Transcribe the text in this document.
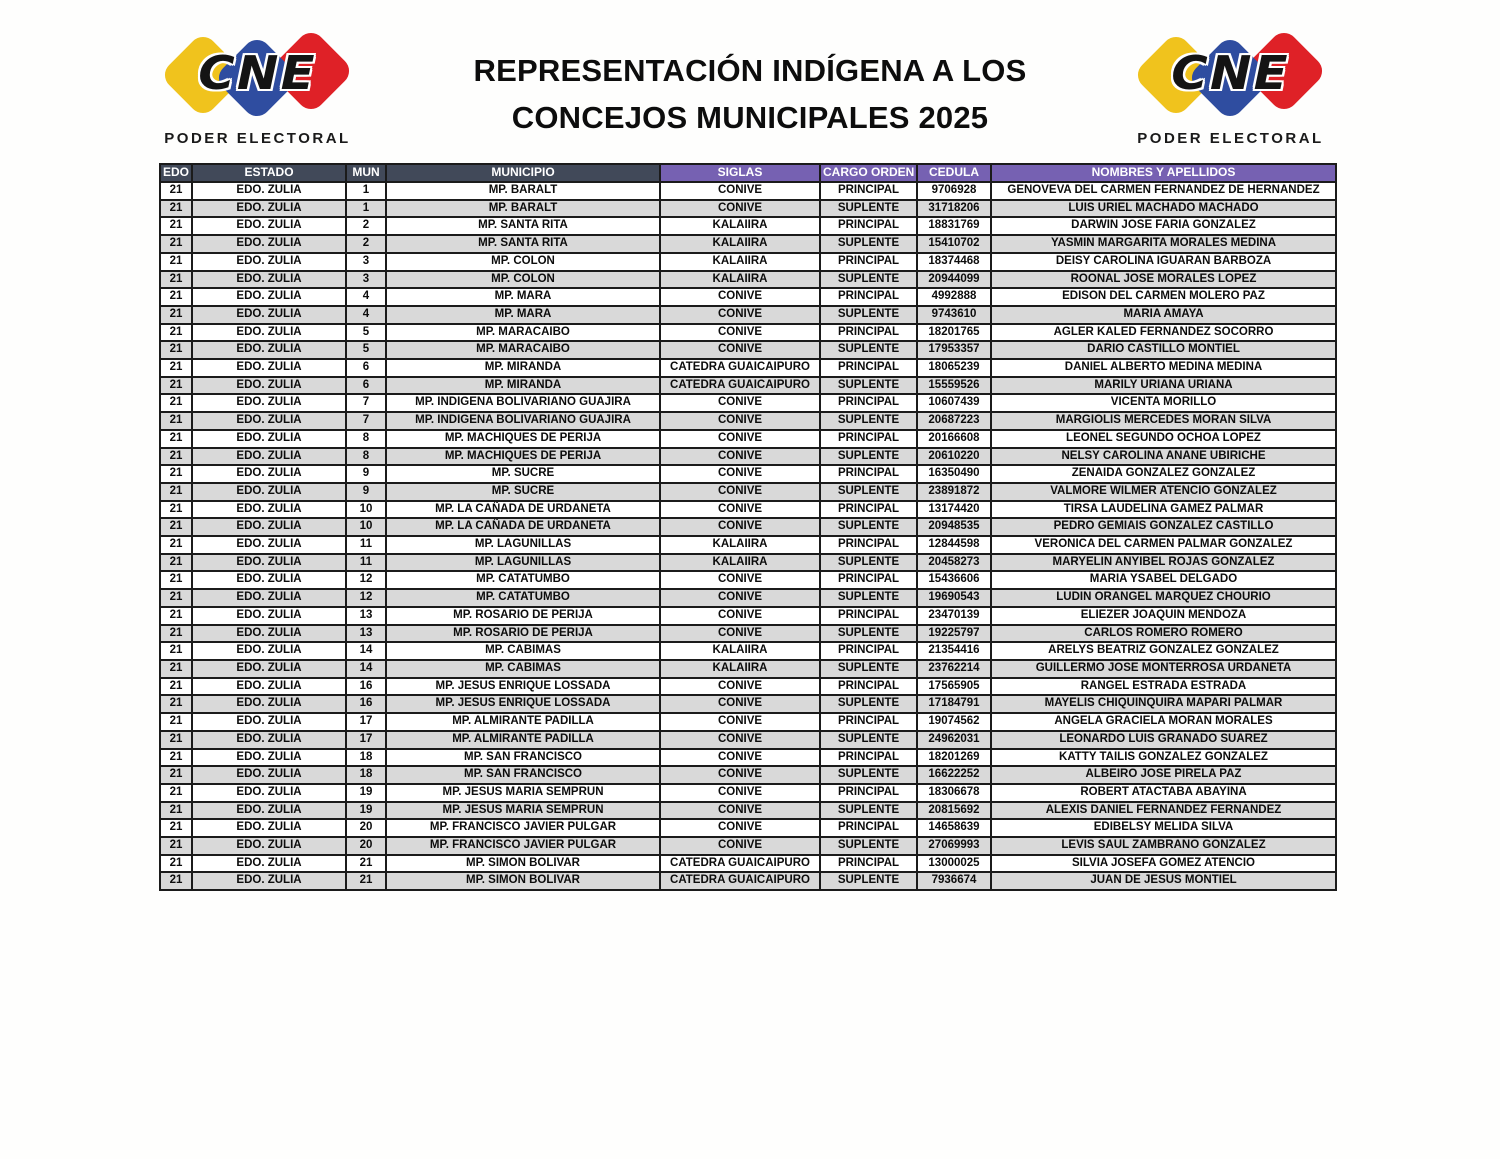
CNE
PODER ELECTORAL
REPRESENTACIÓN INDÍGENA A LOS
CONCEJOS MUNICIPALES 2025
CNE
PODER ELECTORAL
EDO	ESTADO	MUN	MUNICIPIO	SIGLAS	CARGO ORDEN	CEDULA	NOMBRES Y APELLIDOS
21	EDO. ZULIA	1	MP. BARALT	CONIVE	PRINCIPAL	9706928	GENOVEVA DEL CARMEN FERNANDEZ DE HERNANDEZ
21	EDO. ZULIA	1	MP. BARALT	CONIVE	SUPLENTE	31718206	LUIS URIEL MACHADO MACHADO
21	EDO. ZULIA	2	MP. SANTA RITA	KALAIIRA	PRINCIPAL	18831769	DARWIN JOSE FARIA GONZALEZ
21	EDO. ZULIA	2	MP. SANTA RITA	KALAIIRA	SUPLENTE	15410702	YASMIN MARGARITA MORALES MEDINA
21	EDO. ZULIA	3	MP. COLON	KALAIIRA	PRINCIPAL	18374468	DEISY CAROLINA IGUARAN BARBOZA
21	EDO. ZULIA	3	MP. COLON	KALAIIRA	SUPLENTE	20944099	ROONAL JOSE MORALES LOPEZ
21	EDO. ZULIA	4	MP. MARA	CONIVE	PRINCIPAL	4992888	EDISON DEL CARMEN MOLERO PAZ
21	EDO. ZULIA	4	MP. MARA	CONIVE	SUPLENTE	9743610	MARIA AMAYA
21	EDO. ZULIA	5	MP. MARACAIBO	CONIVE	PRINCIPAL	18201765	AGLER KALED FERNANDEZ SOCORRO
21	EDO. ZULIA	5	MP. MARACAIBO	CONIVE	SUPLENTE	17953357	DARIO CASTILLO MONTIEL
21	EDO. ZULIA	6	MP. MIRANDA	CATEDRA GUAICAIPURO	PRINCIPAL	18065239	DANIEL ALBERTO MEDINA MEDINA
21	EDO. ZULIA	6	MP. MIRANDA	CATEDRA GUAICAIPURO	SUPLENTE	15559526	MARILY URIANA URIANA
21	EDO. ZULIA	7	MP. INDIGENA BOLIVARIANO GUAJIRA	CONIVE	PRINCIPAL	10607439	VICENTA MORILLO
21	EDO. ZULIA	7	MP. INDIGENA BOLIVARIANO GUAJIRA	CONIVE	SUPLENTE	20687223	MARGIOLIS MERCEDES MORAN SILVA
21	EDO. ZULIA	8	MP. MACHIQUES DE PERIJA	CONIVE	PRINCIPAL	20166608	LEONEL SEGUNDO OCHOA LOPEZ
21	EDO. ZULIA	8	MP. MACHIQUES DE PERIJA	CONIVE	SUPLENTE	20610220	NELSY CAROLINA ANANE UBIRICHE
21	EDO. ZULIA	9	MP. SUCRE	CONIVE	PRINCIPAL	16350490	ZENAIDA GONZALEZ GONZALEZ
21	EDO. ZULIA	9	MP. SUCRE	CONIVE	SUPLENTE	23891872	VALMORE WILMER ATENCIO GONZALEZ
21	EDO. ZULIA	10	MP. LA CAÑADA DE URDANETA	CONIVE	PRINCIPAL	13174420	TIRSA LAUDELINA GAMEZ PALMAR
21	EDO. ZULIA	10	MP. LA CAÑADA DE URDANETA	CONIVE	SUPLENTE	20948535	PEDRO GEMIAIS GONZALEZ CASTILLO
21	EDO. ZULIA	11	MP. LAGUNILLAS	KALAIIRA	PRINCIPAL	12844598	VERONICA DEL CARMEN PALMAR GONZALEZ
21	EDO. ZULIA	11	MP. LAGUNILLAS	KALAIIRA	SUPLENTE	20458273	MARYELIN ANYIBEL ROJAS GONZALEZ
21	EDO. ZULIA	12	MP. CATATUMBO	CONIVE	PRINCIPAL	15436606	MARIA YSABEL DELGADO
21	EDO. ZULIA	12	MP. CATATUMBO	CONIVE	SUPLENTE	19690543	LUDIN ORANGEL MARQUEZ CHOURIO
21	EDO. ZULIA	13	MP. ROSARIO DE PERIJA	CONIVE	PRINCIPAL	23470139	ELIEZER JOAQUIN MENDOZA
21	EDO. ZULIA	13	MP. ROSARIO DE PERIJA	CONIVE	SUPLENTE	19225797	CARLOS ROMERO ROMERO
21	EDO. ZULIA	14	MP. CABIMAS	KALAIIRA	PRINCIPAL	21354416	ARELYS BEATRIZ GONZALEZ GONZALEZ
21	EDO. ZULIA	14	MP. CABIMAS	KALAIIRA	SUPLENTE	23762214	GUILLERMO JOSE MONTERROSA URDANETA
21	EDO. ZULIA	16	MP. JESUS ENRIQUE LOSSADA	CONIVE	PRINCIPAL	17565905	RANGEL ESTRADA ESTRADA
21	EDO. ZULIA	16	MP. JESUS ENRIQUE LOSSADA	CONIVE	SUPLENTE	17184791	MAYELIS CHIQUINQUIRA MAPARI PALMAR
21	EDO. ZULIA	17	MP. ALMIRANTE PADILLA	CONIVE	PRINCIPAL	19074562	ANGELA GRACIELA MORAN MORALES
21	EDO. ZULIA	17	MP. ALMIRANTE PADILLA	CONIVE	SUPLENTE	24962031	LEONARDO LUIS GRANADO SUAREZ
21	EDO. ZULIA	18	MP. SAN FRANCISCO	CONIVE	PRINCIPAL	18201269	KATTY TAILIS GONZALEZ GONZALEZ
21	EDO. ZULIA	18	MP. SAN FRANCISCO	CONIVE	SUPLENTE	16622252	ALBEIRO JOSE PIRELA PAZ
21	EDO. ZULIA	19	MP. JESUS MARIA SEMPRUN	CONIVE	PRINCIPAL	18306678	ROBERT ATACTABA ABAYINA
21	EDO. ZULIA	19	MP. JESUS MARIA SEMPRUN	CONIVE	SUPLENTE	20815692	ALEXIS DANIEL FERNANDEZ FERNANDEZ
21	EDO. ZULIA	20	MP. FRANCISCO JAVIER PULGAR	CONIVE	PRINCIPAL	14658639	EDIBELSY MELIDA SILVA
21	EDO. ZULIA	20	MP. FRANCISCO JAVIER PULGAR	CONIVE	SUPLENTE	27069993	LEVIS SAUL ZAMBRANO GONZALEZ
21	EDO. ZULIA	21	MP. SIMON BOLIVAR	CATEDRA GUAICAIPURO	PRINCIPAL	13000025	SILVIA JOSEFA GOMEZ ATENCIO
21	EDO. ZULIA	21	MP. SIMON BOLIVAR	CATEDRA GUAICAIPURO	SUPLENTE	7936674	JUAN DE JESUS MONTIEL
